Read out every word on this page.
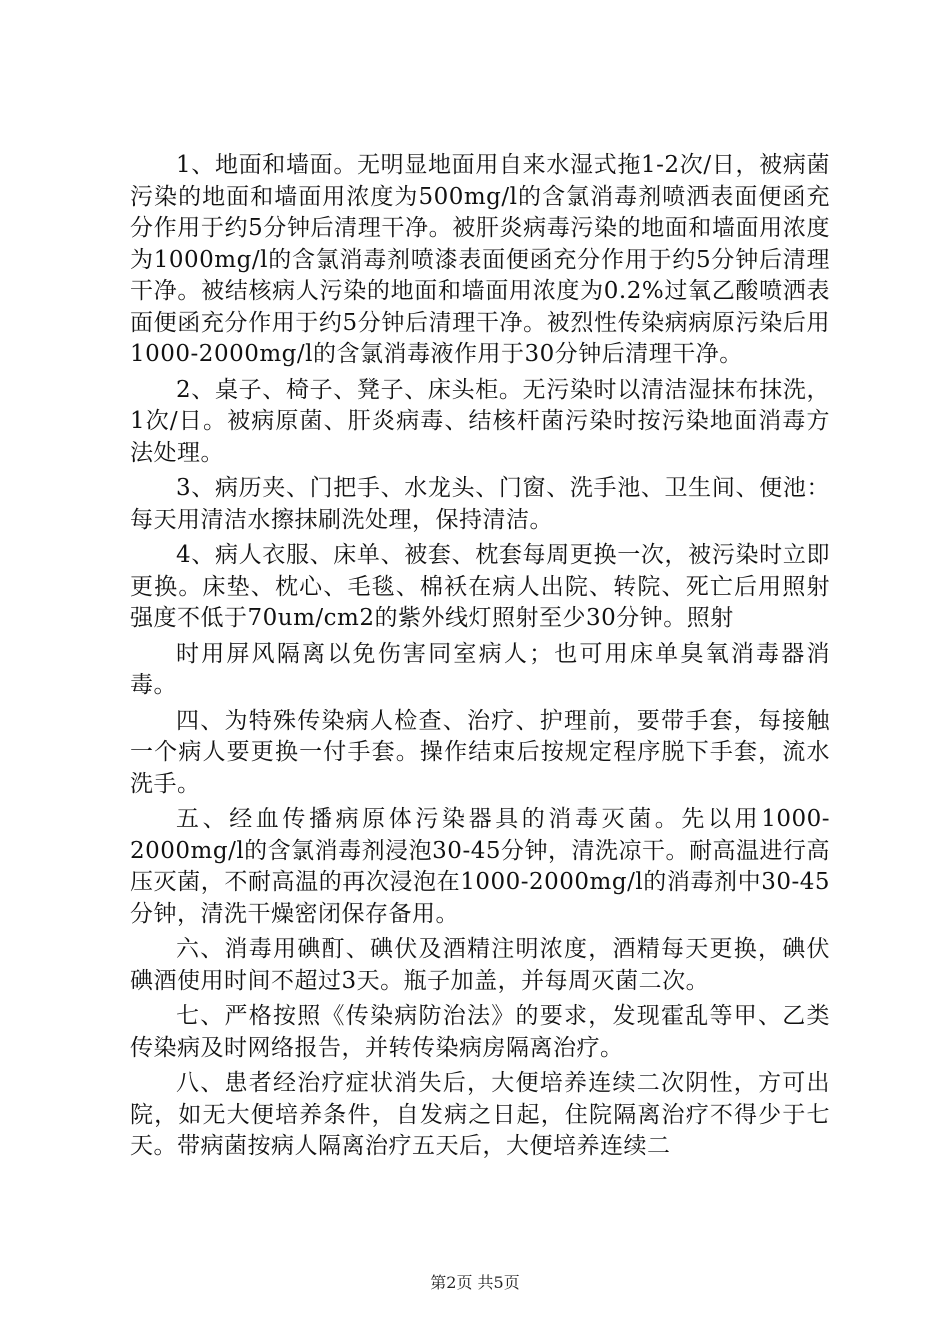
1、地面和墙面。无明显地面用自来水湿式拖1-2次/日，被病菌污染的地面和墙面用浓度为500mg/l的含氯消毒剂喷洒表面便函充分作用于约5分钟后清理干净。被肝炎病毒污染的地面和墙面用浓度为1000mg/l的含氯消毒剂喷漆表面便函充分作用于约5分钟后清理干净。被结核病人污染的地面和墙面用浓度为0.2%过氧乙酸喷洒表面便函充分作用于约5分钟后清理干净。被烈性传染病病原污染后用1000-2000mg/l的含氯消毒液作用于30分钟后清理干净。

2、桌子、椅子、凳子、床头柜。无污染时以清洁湿抹布抹洗，1次/日。被病原菌、肝炎病毒、结核杆菌污染时按污染地面消毒方法处理。

3、病历夹、门把手、水龙头、门窗、洗手池、卫生间、便池：每天用清洁水擦抹刷洗处理，保持清洁。

4、病人衣服、床单、被套、枕套每周更换一次，被污染时立即更换。床垫、枕心、毛毯、棉袄在病人出院、转院、死亡后用照射强度不低于70um/cm2的紫外线灯照射至少30分钟。照射

时用屏风隔离以免伤害同室病人；也可用床单臭氧消毒器消毒。

四、为特殊传染病人检查、治疗、护理前，要带手套，每接触一个病人要更换一付手套。操作结束后按规定程序脱下手套，流水洗手。

五、经血传播病原体污染器具的消毒灭菌。先以用1000-2000mg/l的含氯消毒剂浸泡30-45分钟，清洗凉干。耐高温进行高压灭菌，不耐高温的再次浸泡在1000-2000mg/l的消毒剂中30-45分钟，清洗干燥密闭保存备用。

六、消毒用碘酊、碘伏及酒精注明浓度，酒精每天更换，碘伏碘酒使用时间不超过3天。瓶子加盖，并每周灭菌二次。

七、严格按照《传染病防治法》的要求，发现霍乱等甲、乙类传染病及时网络报告，并转传染病房隔离治疗。

八、患者经治疗症状消失后，大便培养连续二次阴性，方可出院，如无大便培养条件，自发病之日起，住院隔离治疗不得少于七天。带病菌按病人隔离治疗五天后，大便培养连续二

第2页 共5页
